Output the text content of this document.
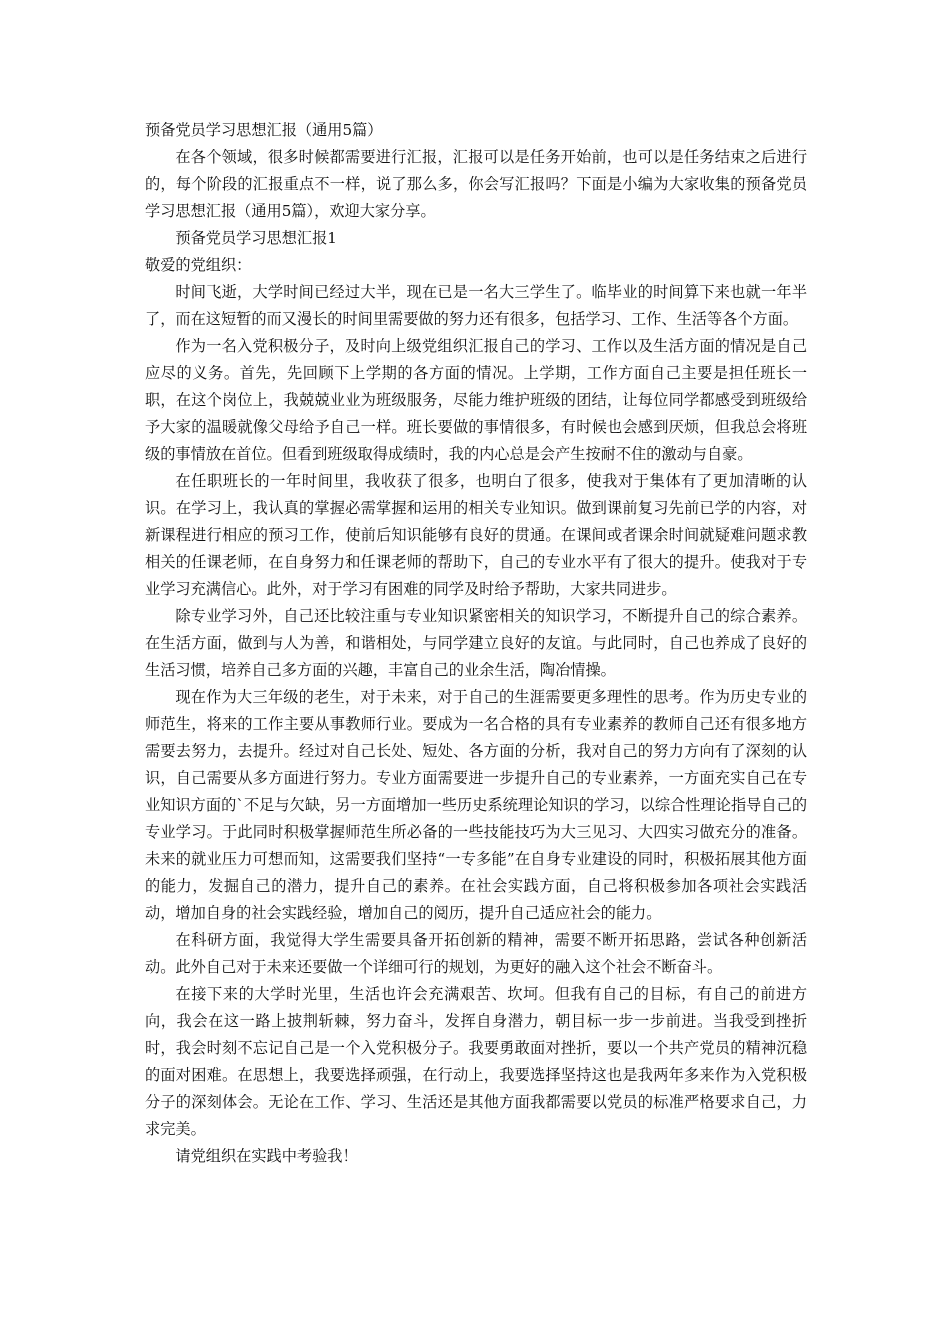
预备党员学习思想汇报（通用5篇）

在各个领域，很多时候都需要进行汇报，汇报可以是任务开始前，也可以是任务结束之后进行的，每个阶段的汇报重点不一样，说了那么多，你会写汇报吗？下面是小编为大家收集的预备党员学习思想汇报（通用5篇），欢迎大家分享。

预备党员学习思想汇报1

敬爱的党组织：

时间飞逝，大学时间已经过大半，现在已是一名大三学生了。临毕业的时间算下来也就一年半了，而在这短暂的而又漫长的时间里需要做的努力还有很多，包括学习、工作、生活等各个方面。

作为一名入党积极分子，及时向上级党组织汇报自己的学习、工作以及生活方面的情况是自己应尽的义务。首先，先回顾下上学期的各方面的情况。上学期，工作方面自己主要是担任班长一职，在这个岗位上，我兢兢业业为班级服务，尽能力维护班级的团结，让每位同学都感受到班级给予大家的温暖就像父母给予自己一样。班长要做的事情很多，有时候也会感到厌烦，但我总会将班级的事情放在首位。但看到班级取得成绩时，我的内心总是会产生按耐不住的激动与自豪。

在任职班长的一年时间里，我收获了很多，也明白了很多，使我对于集体有了更加清晰的认识。在学习上，我认真的掌握必需掌握和运用的相关专业知识。做到课前复习先前已学的内容，对新课程进行相应的预习工作，使前后知识能够有良好的贯通。在课间或者课余时间就疑难问题求教相关的任课老师，在自身努力和任课老师的帮助下，自己的专业水平有了很大的提升。使我对于专业学习充满信心。此外，对于学习有困难的同学及时给予帮助，大家共同进步。

除专业学习外，自己还比较注重与专业知识紧密相关的知识学习，不断提升自己的综合素养。在生活方面，做到与人为善，和谐相处，与同学建立良好的友谊。与此同时，自己也养成了良好的生活习惯，培养自己多方面的兴趣，丰富自己的业余生活，陶冶情操。

现在作为大三年级的老生，对于未来，对于自己的生涯需要更多理性的思考。作为历史专业的师范生，将来的工作主要从事教师行业。要成为一名合格的具有专业素养的教师自己还有很多地方需要去努力，去提升。经过对自己长处、短处、各方面的分析，我对自己的努力方向有了深刻的认识，自己需要从多方面进行努力。专业方面需要进一步提升自己的专业素养，一方面充实自己在专业知识方面的`不足与欠缺，另一方面增加一些历史系统理论知识的学习，以综合性理论指导自己的专业学习。于此同时积极掌握师范生所必备的一些技能技巧为大三见习、大四实习做充分的准备。未来的就业压力可想而知，这需要我们坚持“一专多能”在自身专业建设的同时，积极拓展其他方面的能力，发掘自己的潜力，提升自己的素养。在社会实践方面，自己将积极参加各项社会实践活动，增加自身的社会实践经验，增加自己的阅历，提升自己适应社会的能力。

在科研方面，我觉得大学生需要具备开拓创新的精神，需要不断开拓思路，尝试各种创新活动。此外自己对于未来还要做一个详细可行的规划，为更好的融入这个社会不断奋斗。

在接下来的大学时光里，生活也许会充满艰苦、坎坷。但我有自己的目标，有自己的前进方向，我会在这一路上披荆斩棘，努力奋斗，发挥自身潜力，朝目标一步一步前进。当我受到挫折时，我会时刻不忘记自己是一个入党积极分子。我要勇敢面对挫折，要以一个共产党员的精神沉稳的面对困难。在思想上，我要选择顽强，在行动上，我要选择坚持这也是我两年多来作为入党积极分子的深刻体会。无论在工作、学习、生活还是其他方面我都需要以党员的标准严格要求自己，力求完美。

请党组织在实践中考验我！
